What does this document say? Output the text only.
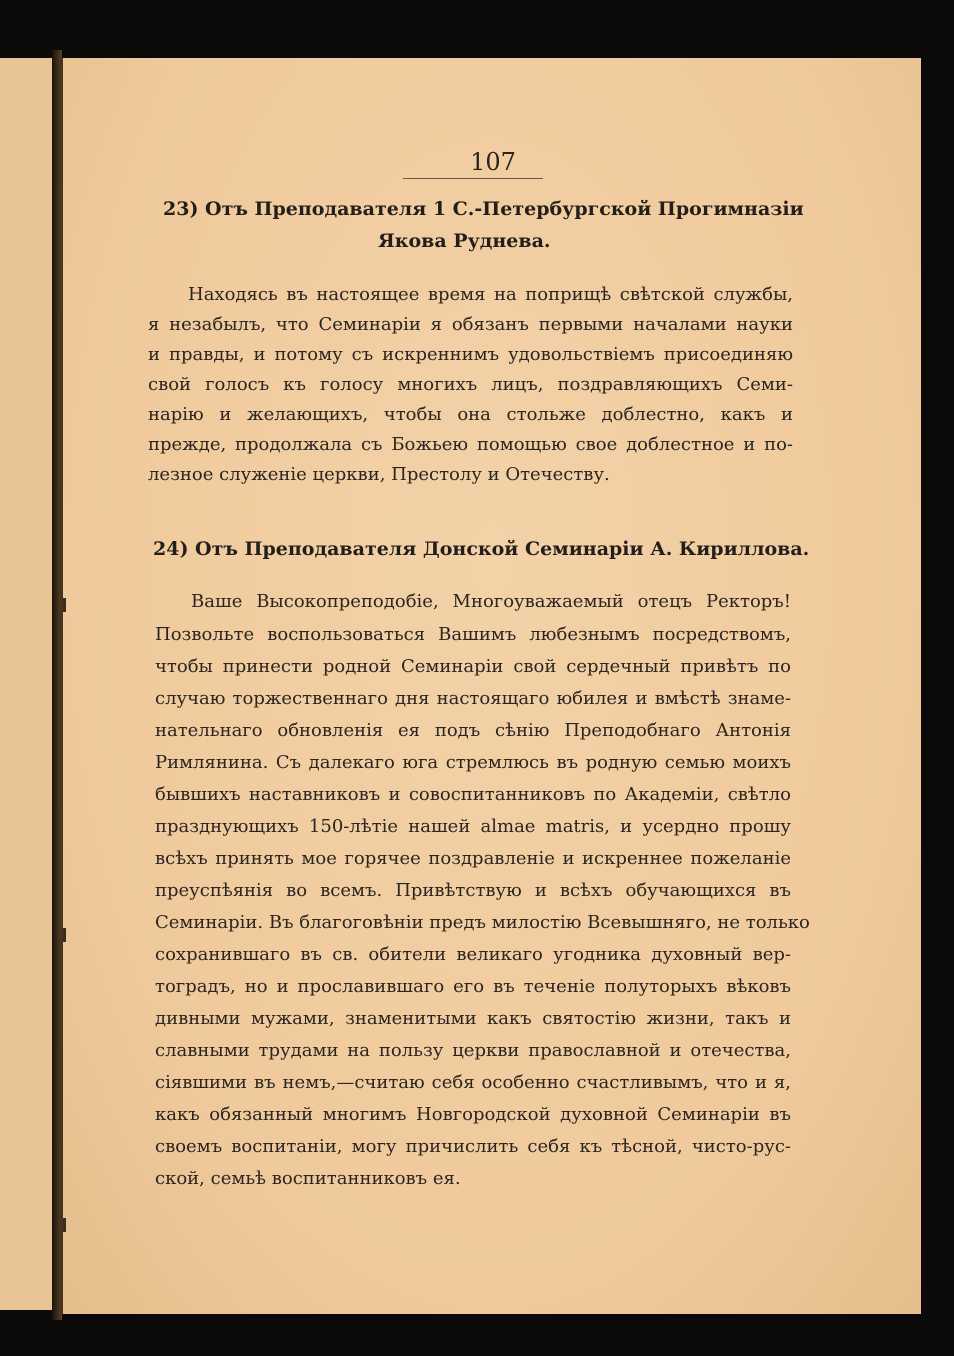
107
23) Отъ Преподавателя 1 С.-Петербургской Прогимназіи
Якова Руднева.
Находясь въ настоящее время на поприщѣ свѣтской службы,
я незабылъ, что Семинаріи я обязанъ первыми началами науки
и правды, и потому съ искреннимъ удовольствіемъ присоединяю
свой голосъ къ голосу многихъ лицъ, поздравляющихъ Семи-
нарію и желающихъ, чтобы она стольже доблестно, какъ и
прежде, продолжала съ Божьею помощью свое доблестное и по-
лезное служеніе церкви, Престолу и Отечеству.
24) Отъ Преподавателя Донской Семинаріи А. Кириллова.
Ваше Высокопреподобіе, Многоуважаемый отецъ Ректоръ!
Позвольте воспользоваться Вашимъ любезнымъ посредствомъ,
чтобы принести родной Семинаріи свой сердечный привѣтъ по
случаю торжественнаго дня настоящаго юбилея и вмѣстѣ знаме-
нательнаго обновленія ея подъ сѣнію Преподобнаго Антонія
Римлянина. Съ далекаго юга стремлюсь въ родную семью моихъ
бывшихъ наставниковъ и совоспитанниковъ по Академіи, свѣтло
празднующихъ 150-лѣтіе нашей almae matris, и усердно прошу
всѣхъ принять мое горячее поздравленіе и искреннее пожеланіе
преуспѣянія во всемъ. Привѣтствую и всѣхъ обучающихся въ
Семинаріи. Въ благоговѣніи предъ милостію Всевышняго, не только
сохранившаго въ св. обители великаго угодника духовный вер-
тоградъ, но и прославившаго его въ теченіе полуторыхъ вѣковъ
дивными мужами, знаменитыми какъ святостію жизни, такъ и
славными трудами на пользу церкви православной и отечества,
сіявшими въ немъ,—считаю себя особенно счастливымъ, что и я,
какъ обязанный многимъ Новгородской духовной Семинаріи въ
своемъ воспитаніи, могу причислить себя къ тѣсной, чисто-рус-
ской, семьѣ воспитанниковъ ея.
